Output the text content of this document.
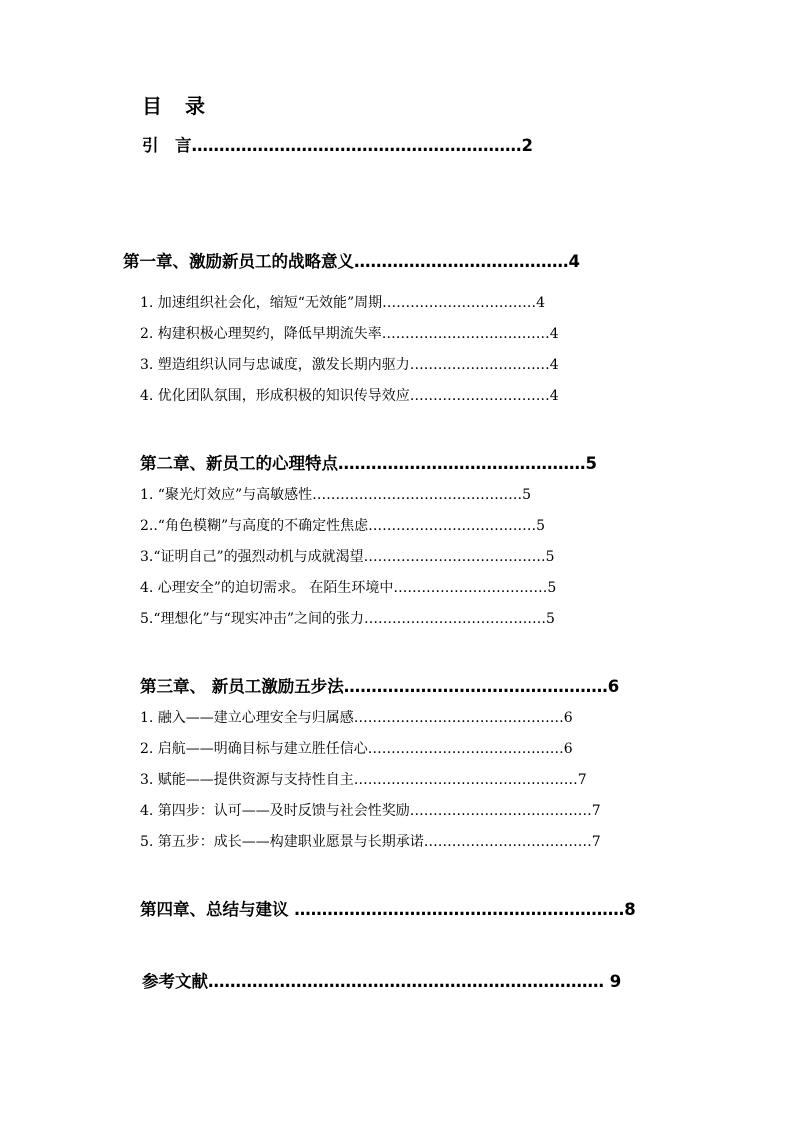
目 录
引　言……………………………………………………2
第一章、激励新员工的战略意义…………………………………4
1. 加速组织社会化，缩短“无效能”周期……………………………4
2. 构建积极心理契约，降低早期流失率………………………………4
3. 塑造组织认同与忠诚度，激发长期内驱力…………………………4
4. 优化团队氛围，形成积极的知识传导效应…………………………4
第二章、新员工的心理特点………………………………………5
1. “聚光灯效应”与高敏感性………………………………………5
2..“角色模糊”与高度的不确定性焦虑………………………………5
3.“证明自己”的强烈动机与成就渴望…………………………………5
4. 心理安全”的迫切需求。 在陌生环境中……………………………5
5.“理想化”与“现实冲击”之间的张力…………………………………5
第三章、 新员工激励五步法…………………………………………6
1. 融入——建立心理安全与归属感………………………………………6
2. 启航——明确目标与建立胜任信心……………………………………6
3. 赋能——提供资源与支持性自主…………………………………………7
4. 第四步：认可——及时反馈与社会性奖励…………………………………7
5. 第五步：成长——构建职业愿景与长期承诺………………………………7
第四章、总结与建议 ……………………………………………………8
参考文献……………………………………………………………… 9
